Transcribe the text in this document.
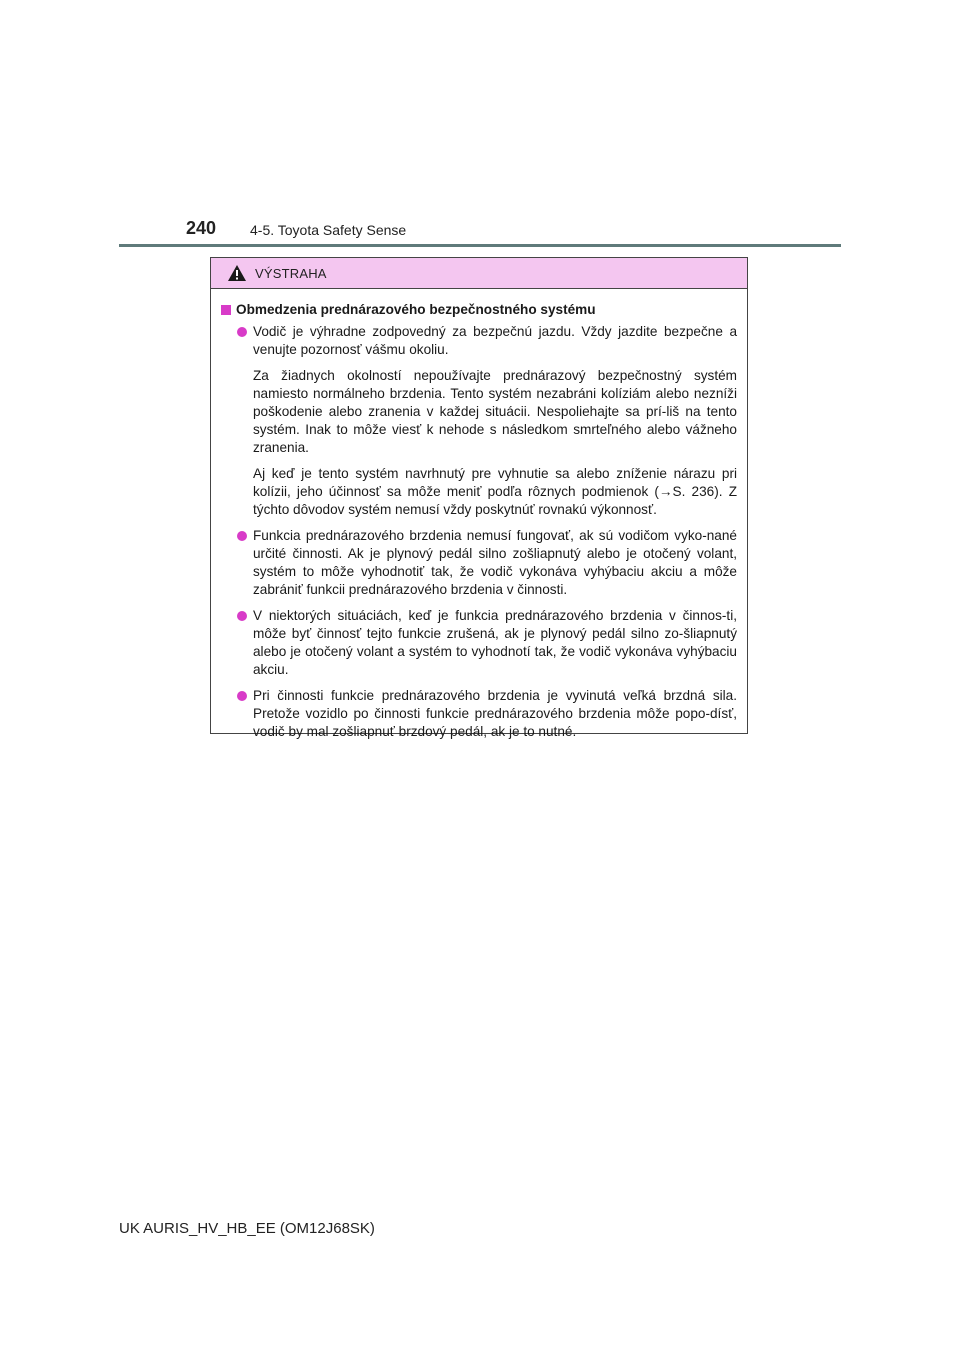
240 4-5. Toyota Safety Sense
VÝSTRAHA
Obmedzenia prednárazového bezpečnostného systému
Vodič je výhradne zodpovedný za bezpečnú jazdu. Vždy jazdite bezpečne a venujte pozornosť vášmu okoliu.

Za žiadnych okolností nepoužívajte prednárazový bezpečnostný systém namiesto normálneho brzdenia. Tento systém nezabráni kolíziám alebo nezníži poškodenie alebo zranenia v každej situácii. Nespoliehajte sa prí-liš na tento systém. Inak to môže viesť k nehode s následkom smrteľného alebo vážneho zranenia.

Aj keď je tento systém navrhnutý pre vyhnutie sa alebo zníženie nárazu pri kolízii, jeho účinnosť sa môže meniť podľa rôznych podmienok (→S. 236). Z týchto dôvodov systém nemusí vždy poskytnúť rovnakú výkonnosť.

Funkcia prednárazového brzdenia nemusí fungovať, ak sú vodičom vyko-nané určité činnosti. Ak je plynový pedál silno zošliapnutý alebo je otočený volant, systém to môže vyhodnotiť tak, že vodič vykonáva vyhýbaciu akciu a môže zabrániť funkcii prednárazového brzdenia v činnosti.
V niektorých situáciách, keď je funkcia prednárazového brzdenia v činnos-ti, môže byť činnosť tejto funkcie zrušená, ak je plynový pedál silno zo-šliapnutý alebo je otočený volant a systém to vyhodnotí tak, že vodič vykonáva vyhýbaciu akciu.
Pri činnosti funkcie prednárazového brzdenia je vyvinutá veľká brzdná sila. Pretože vozidlo po činnosti funkcie prednárazového brzdenia môže popo-dísť, vodič by mal zošliapnuť brzdový pedál, ak je to nutné.
UK AURIS_HV_HB_EE (OM12J68SK)
